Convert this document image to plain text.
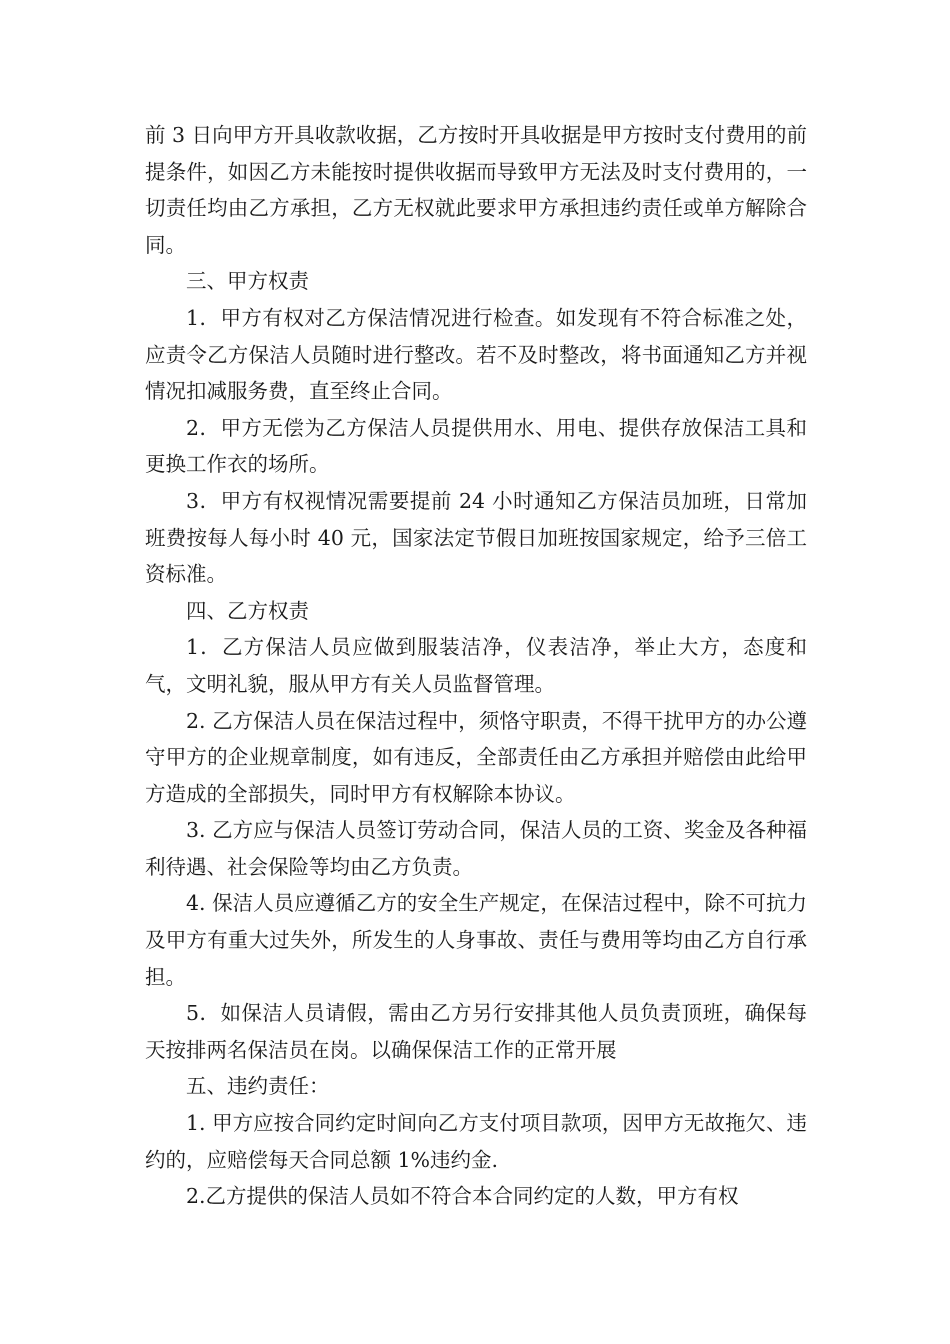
前 3 日向甲方开具收款收据，乙方按时开具收据是甲方按时支付费用的前提条件，如因乙方未能按时提供收据而导致甲方无法及时支付费用的，一切责任均由乙方承担，乙方无权就此要求甲方承担违约责任或单方解除合同。

三、甲方权责

1．甲方有权对乙方保洁情况进行检查。如发现有不符合标准之处，应责令乙方保洁人员随时进行整改。若不及时整改，将书面通知乙方并视情况扣减服务费，直至终止合同。

2．甲方无偿为乙方保洁人员提供用水、用电、提供存放保洁工具和更换工作衣的场所。

3．甲方有权视情况需要提前 24 小时通知乙方保洁员加班，日常加班费按每人每小时 40 元，国家法定节假日加班按国家规定，给予三倍工资标准。

四、乙方权责

1．乙方保洁人员应做到服装洁净，仪表洁净，举止大方，态度和气，文明礼貌，服从甲方有关人员监督管理。

2. 乙方保洁人员在保洁过程中，须恪守职责，不得干扰甲方的办公遵守甲方的企业规章制度，如有违反，全部责任由乙方承担并赔偿由此给甲方造成的全部损失，同时甲方有权解除本协议。

3. 乙方应与保洁人员签订劳动合同，保洁人员的工资、奖金及各种福利待遇、社会保险等均由乙方负责。

4. 保洁人员应遵循乙方的安全生产规定，在保洁过程中，除不可抗力及甲方有重大过失外，所发生的人身事故、责任与费用等均由乙方自行承担。

5．如保洁人员请假，需由乙方另行安排其他人员负责顶班，确保每天按排两名保洁员在岗。以确保保洁工作的正常开展

五、违约责任：

1. 甲方应按合同约定时间向乙方支付项目款项，因甲方无故拖欠、违约的，应赔偿每天合同总额 1%违约金.

2.乙方提供的保洁人员如不符合本合同约定的人数，甲方有权
